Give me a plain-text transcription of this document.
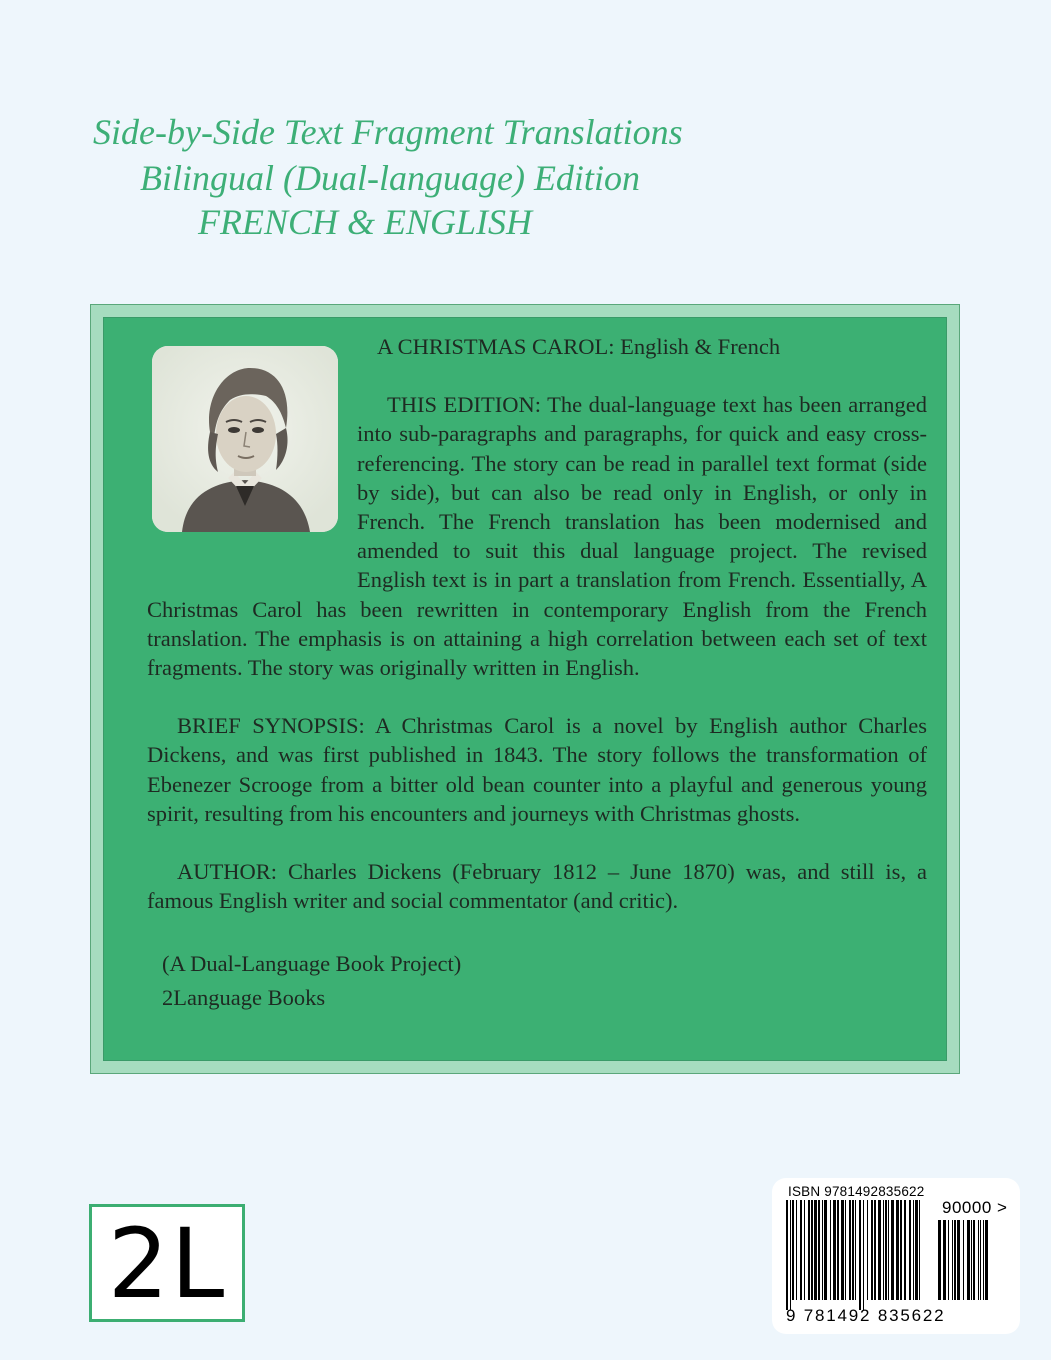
Side-by-Side Text Fragment Translations

Bilingual (Dual-language) Edition

FRENCH & ENGLISH

A CHRISTMAS CAROL: English & French

THIS EDITION: The dual-language text has been arranged into sub-paragraphs and paragraphs, for quick and easy cross-referencing. The story can be read in parallel text format (side by side), but can also be read only in English, or only in French. The French translation has been modernised and amended to suit this dual language project. The revised English text is in part a translation from French. Essentially, A Christmas Carol has been rewritten in contemporary English from the French translation. The emphasis is on attaining a high correlation between each set of text fragments. The story was originally written in English.

BRIEF SYNOPSIS: A Christmas Carol is a novel by English author Charles Dickens, and was first published in 1843. The story follows the transformation of Ebenezer Scrooge from a bitter old bean counter into a playful and generous young spirit, resulting from his encounters and journeys with Christmas ghosts.

AUTHOR: Charles Dickens (February 1812 – June 1870) was, and still is, a famous English writer and social commentator (and critic).

(A Dual-Language Book Project)

2Language Books

2L
ISBN 9781492835622
90000 >
9 781492 835622
